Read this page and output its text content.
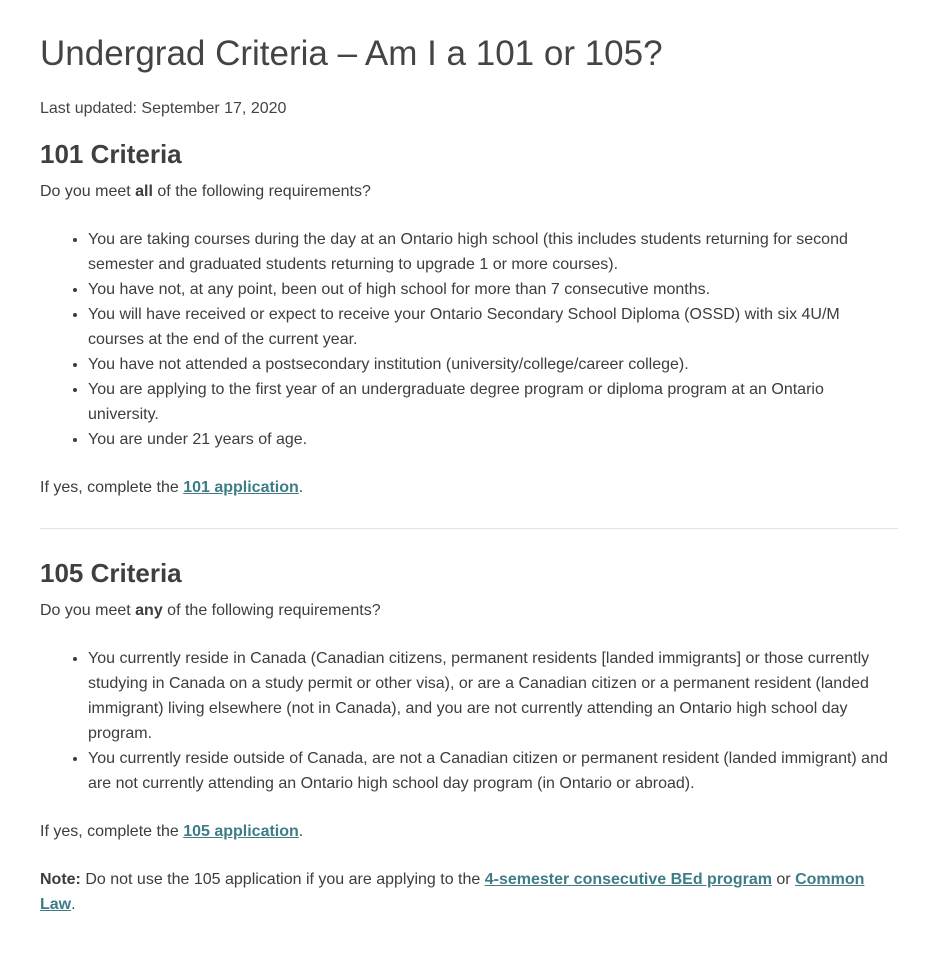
Undergrad Criteria – Am I a 101 or 105?

Last updated: September 17, 2020

101 Criteria

Do you meet all of the following requirements?

• You are taking courses during the day at an Ontario high school (this includes students returning for second semester and graduated students returning to upgrade 1 or more courses).
• You have not, at any point, been out of high school for more than 7 consecutive months.
• You will have received or expect to receive your Ontario Secondary School Diploma (OSSD) with six 4U/M courses at the end of the current year.
• You have not attended a postsecondary institution (university/college/career college).
• You are applying to the first year of an undergraduate degree program or diploma program at an Ontario university.
• You are under 21 years of age.

If yes, complete the 101 application.

105 Criteria

Do you meet any of the following requirements?

• You currently reside in Canada (Canadian citizens, permanent residents [landed immigrants] or those currently studying in Canada on a study permit or other visa), or are a Canadian citizen or a permanent resident (landed immigrant) living elsewhere (not in Canada), and you are not currently attending an Ontario high school day program.
• You currently reside outside of Canada, are not a Canadian citizen or permanent resident (landed immigrant) and are not currently attending an Ontario high school day program (in Ontario or abroad).

If yes, complete the 105 application.

Note: Do not use the 105 application if you are applying to the 4-semester consecutive BEd program or Common Law.
